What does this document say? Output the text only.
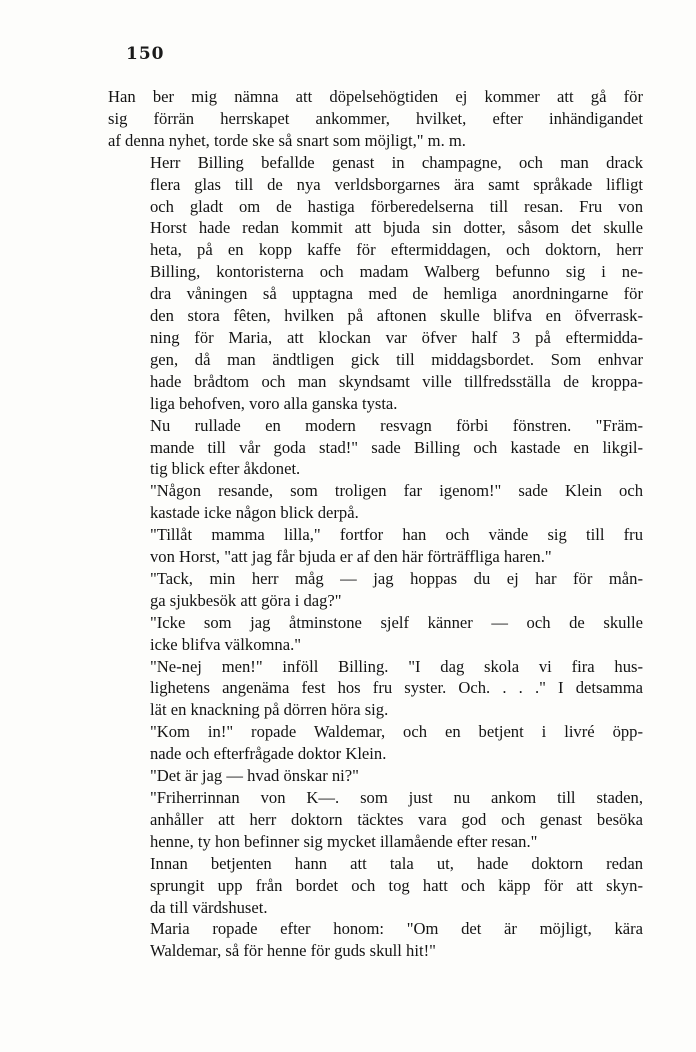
150
Han ber mig nämna att döpelsehögtiden ej kommer att gå för
sig förrän herrskapet ankommer, hvilket, efter inhändigandet
af denna nyhet, torde ske så snart som möjligt," m. m.
Herr Billing befallde genast in champagne, och man drack
flera glas till de nya verldsborgarnes ära samt språkade lifligt
och gladt om de hastiga förberedelserna till resan. Fru von
Horst hade redan kommit att bjuda sin dotter, såsom det skulle
heta, på en kopp kaffe för eftermiddagen, och doktorn, herr
Billing, kontoristerna och madam Walberg befunno sig i ne-
dra våningen så upptagna med de hemliga anordningarne för
den stora fêten, hvilken på aftonen skulle blifva en öfverrask-
ning för Maria, att klockan var öfver half 3 på eftermidda-
gen, då man ändtligen gick till middagsbordet. Som enhvar
hade brådtom och man skyndsamt ville tillfredsställa de kroppa-
liga behofven, voro alla ganska tysta.
Nu rullade en modern resvagn förbi fönstren. "Främ-
mande till vår goda stad!" sade Billing och kastade en likgil-
tig blick efter åkdonet.
"Någon resande, som troligen far igenom!" sade Klein och
kastade icke någon blick derpå.
"Tillåt mamma lilla," fortfor han och vände sig till fru
von Horst, "att jag får bjuda er af den här förträffliga haren."
"Tack, min herr måg — jag hoppas du ej har för mån-
ga sjukbesök att göra i dag?"
"Icke som jag åtminstone sjelf känner — och de skulle
icke blifva välkomna."
"Ne-nej men!" inföll Billing. "I dag skola vi fira hus-
lighetens angenäma fest hos fru syster. Och. . . ." I detsamma
lät en knackning på dörren höra sig.
"Kom in!" ropade Waldemar, och en betjent i livré öpp-
nade och efterfrågade doktor Klein.
"Det är jag — hvad önskar ni?"
"Friherrinnan von K—. som just nu ankom till staden,
anhåller att herr doktorn täcktes vara god och genast besöka
henne, ty hon befinner sig mycket illamående efter resan."
Innan betjenten hann att tala ut, hade doktorn redan
sprungit upp från bordet och tog hatt och käpp för att skyn-
da till värdshuset.
Maria ropade efter honom: "Om det är möjligt, kära
Waldemar, så för henne för guds skull hit!"
